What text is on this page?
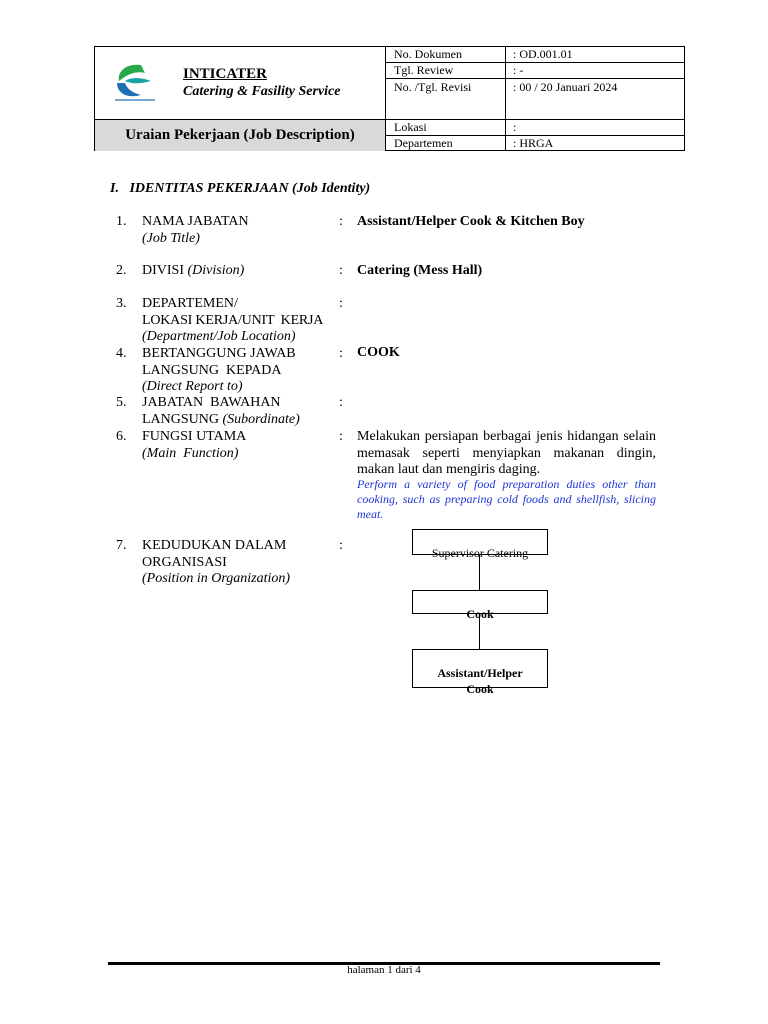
INTICATER
Catering & Fasility Service
Uraian Pekerjaan (Job Description)
No. Dokumen	: OD.001.01
Tgl. Review	: -
No. /Tgl. Revisi	: 00 / 20 Januari 2024
Lokasi	:
Departemen	: HRGA
I.   IDENTITAS PEKERJAAN (Job Identity)
1. NAMA JABATAN
(Job Title)
: Assistant/Helper Cook & Kitchen Boy
2. DIVISI (Division)	: Catering (Mess Hall)
3. DEPARTEMEN/
LOKASI KERJA/UNIT  KERJA
(Department/Job Location)
:
4. BERTANGGUNG JAWAB
LANGSUNG  KEPADA
(Direct Report to)
: COOK
5. JABATAN  BAWAHAN
LANGSUNG (Subordinate)
:
6. FUNGSI UTAMA
(Main  Function)
: Melakukan persiapan berbagai jenis hidangan selain memasak seperti menyiapkan makanan dingin, makan laut dan mengiris daging.
Perform a variety of food preparation duties other than cooking, such as preparing cold foods and shellfish, slicing meat.
7. KEDUDUKAN DALAM
ORGANISASI
(Position in Organization)
:	Supervisor Catering
Cook
Assistant/Helper Cook
halaman 1 dari 4
